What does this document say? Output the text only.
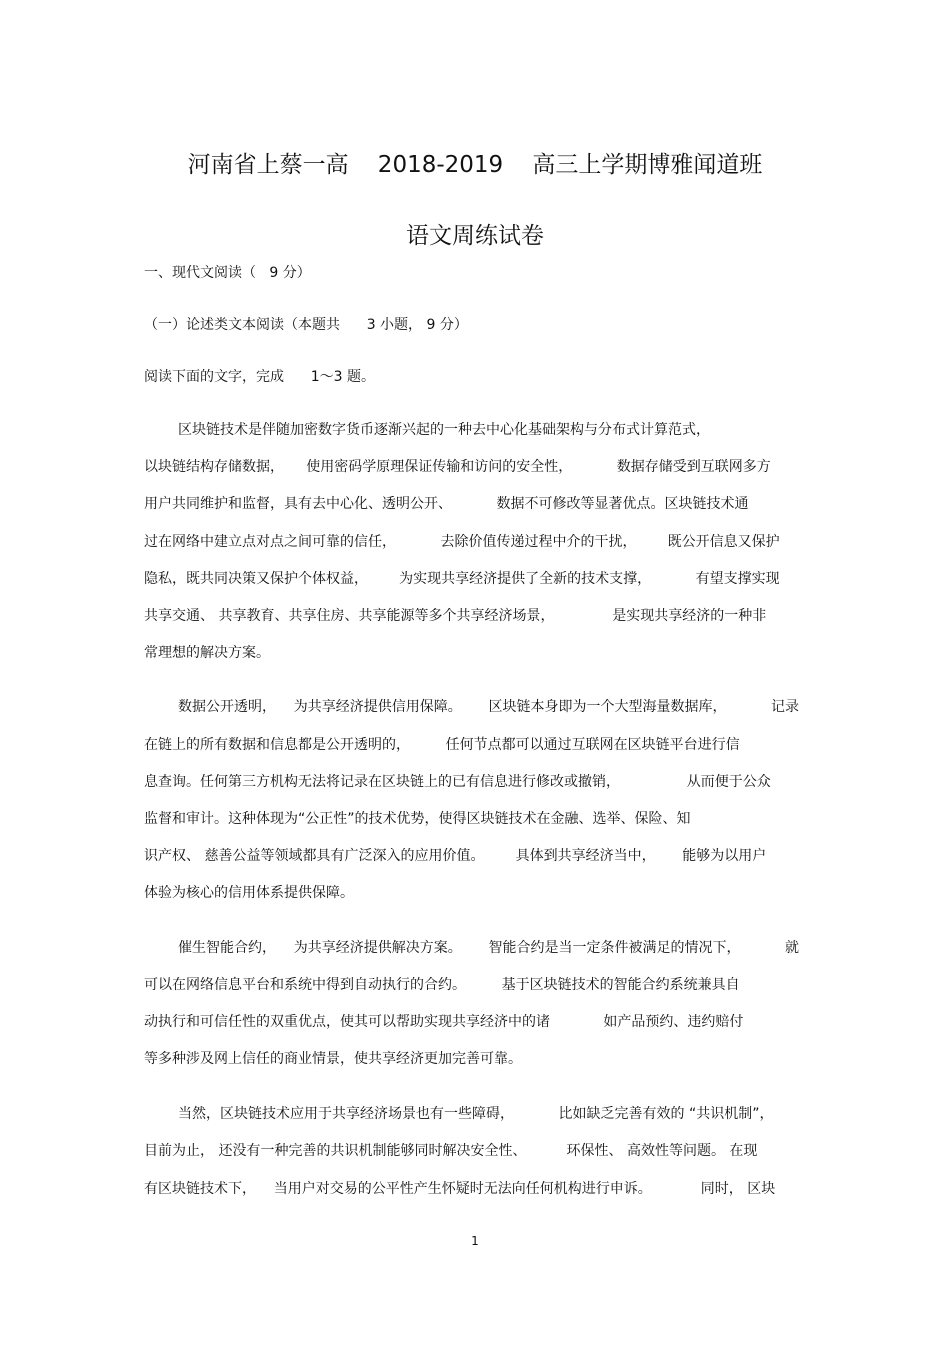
河南省上蔡一高    2018-2019    高三上学期博雅闻道班
语文周练试卷
一、现代文阅读（   9 分）
（一）论述类文本阅读（本题共      3 小题， 9 分）
阅读下面的文字，完成      1～3 题。
区块链技术是伴随加密数字货币逐渐兴起的一种去中心化基础架构与分布式计算范式，
以块链结构存储数据，     使用密码学原理保证传输和访问的安全性，          数据存储受到互联网多方
用户共同维护和监督，具有去中心化、透明公开、          数据不可修改等显著优点。区块链技术通
过在网络中建立点对点之间可靠的信任，          去除价值传递过程中介的干扰，       既公开信息又保护
隐私，既共同决策又保护个体权益，       为实现共享经济提供了全新的技术支撑，          有望支撑实现
共享交通、 共享教育、共享住房、共享能源等多个共享经济场景，             是实现共享经济的一种非
常理想的解决方案。
数据公开透明，    为共享经济提供信用保障。      区块链本身即为一个大型海量数据库，          记录
在链上的所有数据和信息都是公开透明的，        任何节点都可以通过互联网在区块链平台进行信
息查询。任何第三方机构无法将记录在区块链上的已有信息进行修改或撤销，               从而便于公众
监督和审计。这种体现为“公正性”的技术优势，使得区块链技术在金融、选举、保险、知
识产权、 慈善公益等领域都具有广泛深入的应用价值。       具体到共享经济当中，      能够为以用户
体验为核心的信用体系提供保障。
催生智能合约，    为共享经济提供解决方案。      智能合约是当一定条件被满足的情况下，          就
可以在网络信息平台和系统中得到自动执行的合约。        基于区块链技术的智能合约系统兼具自
动执行和可信任性的双重优点，使其可以帮助实现共享经济中的诸            如产品预约、违约赔付
等多种涉及网上信任的商业情景，使共享经济更加完善可靠。
当然，区块链技术应用于共享经济场景也有一些障碍，          比如缺乏完善有效的 “共识机制”，
目前为止， 还没有一种完善的共识机制能够同时解决安全性、         环保性、 高效性等问题。 在现
有区块链技术下，    当用户对交易的公平性产生怀疑时无法向任何机构进行申诉。           同时， 区块
1
